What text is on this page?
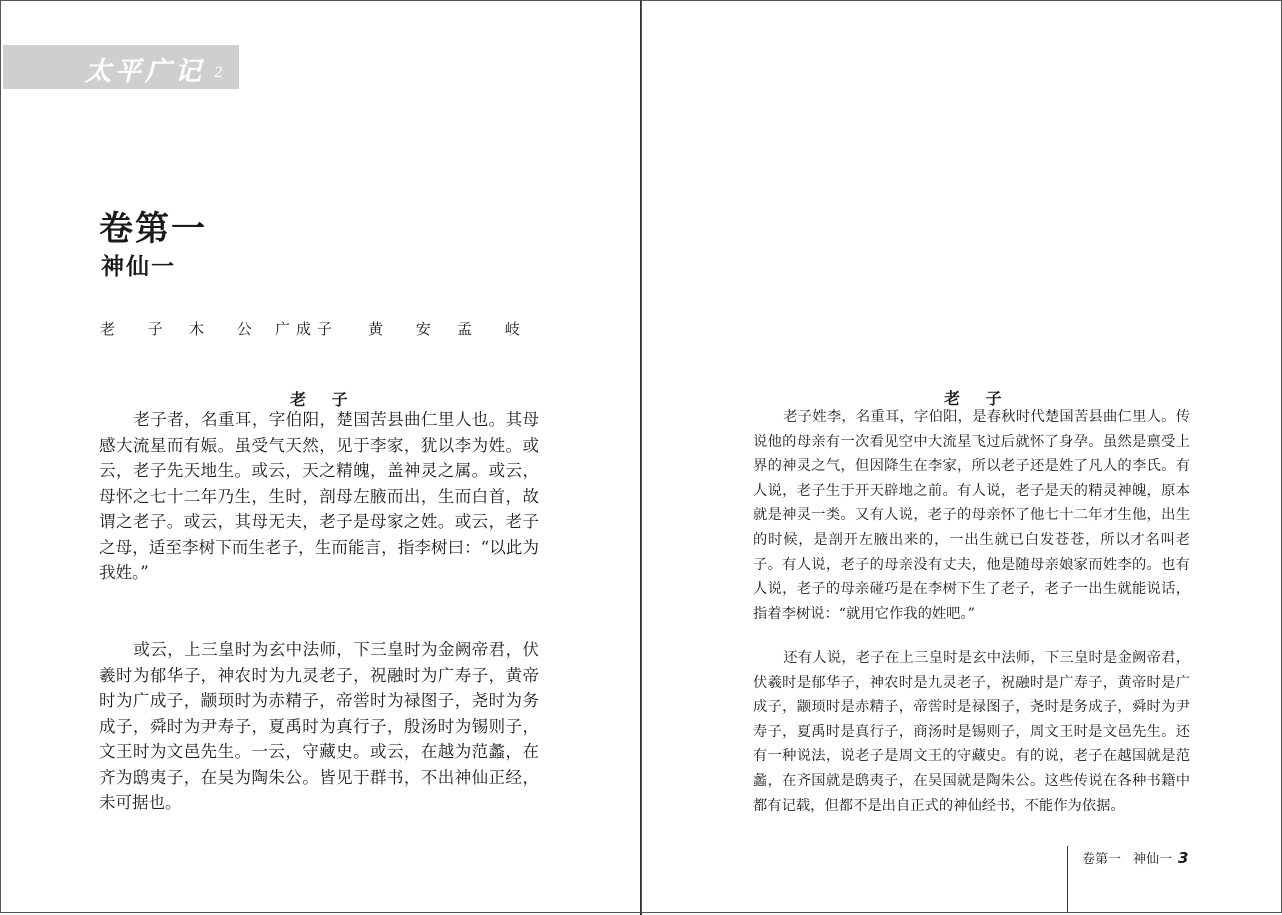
太平广记 2
卷第一
神仙一
老 子 木 公 广成子	黄 安 孟 岐
老 子

老子者，名重耳，字伯阳，楚国苦县曲仁里人也。其母感大流星而有娠。虽受气天然，见于李家，犹以李为姓。或云，老子先天地生。或云，天之精魄，盖神灵之属。或云，母怀之七十二年乃生，生时，剖母左腋而出，生而白首，故谓之老子。或云，其母无夫，老子是母家之姓。或云，老子之母，适至李树下而生老子，生而能言，指李树曰：“以此为我姓。”

或云，上三皇时为玄中法师，下三皇时为金阙帝君，伏羲时为郁华子，神农时为九灵老子，祝融时为广寿子，黄帝时为广成子，颛顼时为赤精子，帝喾时为禄图子，尧时为务成子，舜时为尹寿子，夏禹时为真行子，殷汤时为锡则子，文王时为文邑先生。一云，守藏史。或云，在越为范蠡，在齐为鸱夷子，在吴为陶朱公。皆见于群书，不出神仙正经，未可据也。

老 子

老子姓李，名重耳，字伯阳，是春秋时代楚国苦县曲仁里人。传说他的母亲有一次看见空中大流星飞过后就怀了身孕。虽然是禀受上界的神灵之气，但因降生在李家，所以老子还是姓了凡人的李氏。有人说，老子生于开天辟地之前。有人说，老子是天的精灵神魄，原本就是神灵一类。又有人说，老子的母亲怀了他七十二年才生他，出生的时候，是剖开左腋出来的，一出生就已白发苍苍，所以才名叫老子。有人说，老子的母亲没有丈夫，他是随母亲娘家而姓李的。也有人说，老子的母亲碰巧是在李树下生了老子，老子一出生就能说话，指着李树说：“就用它作我的姓吧。”

还有人说，老子在上三皇时是玄中法师，下三皇时是金阙帝君，伏羲时是郁华子，神农时是九灵老子，祝融时是广寿子，黄帝时是广成子，颛顼时是赤精子，帝喾时是禄图子，尧时是务成子，舜时为尹寿子，夏禹时是真行子，商汤时是锡则子，周文王时是文邑先生。还有一种说法，说老子是周文王的守藏史。有的说，老子在越国就是范蠡，在齐国就是鸱夷子，在吴国就是陶朱公。这些传说在各种书籍中都有记载，但都不是出自正式的神仙经书，不能作为依据。

卷第一 神仙一 3
